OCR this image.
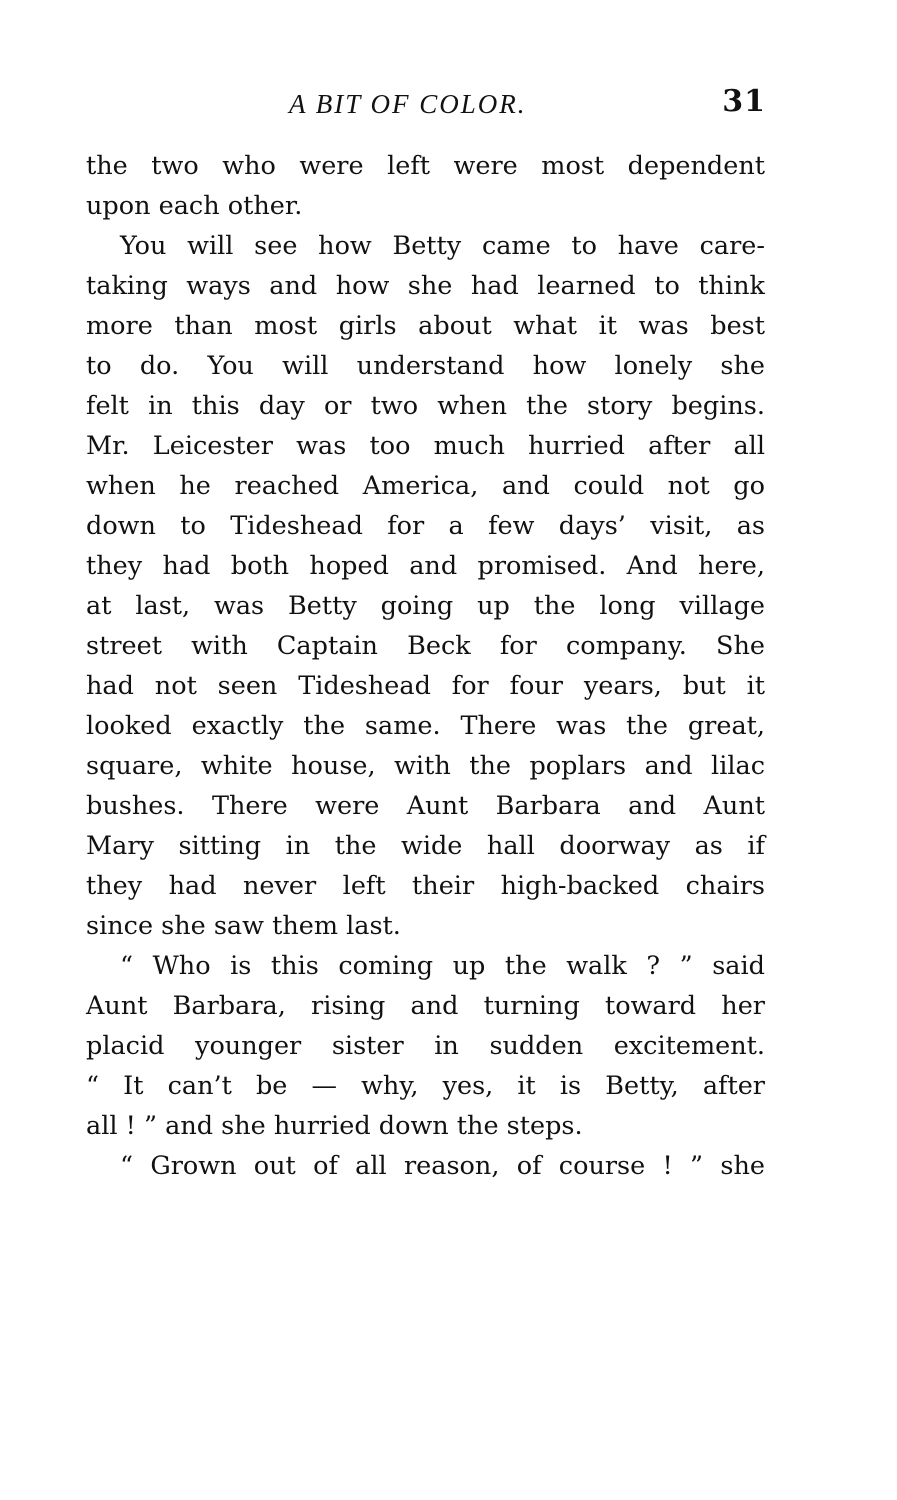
A BIT OF COLOR.	31
the two who were left were most dependent
upon each other.
You will see how Betty came to have care-
taking ways and how she had learned to think
more than most girls about what it was best
to do. You will understand how lonely she
felt in this day or two when the story begins.
Mr. Leicester was too much hurried after all
when he reached America, and could not go
down to Tideshead for a few days’ visit, as
they had both hoped and promised. And here,
at last, was Betty going up the long village
street with Captain Beck for company. She
had not seen Tideshead for four years, but it
looked exactly the same. There was the great,
square, white house, with the poplars and lilac
bushes. There were Aunt Barbara and Aunt
Mary sitting in the wide hall doorway as if
they had never left their high-backed chairs
since she saw them last.
“ Who is this coming up the walk ? ” said
Aunt Barbara, rising and turning toward her
placid younger sister in sudden excitement.
“ It can’t be — why, yes, it is Betty, after
all ! ” and she hurried down the steps.
“ Grown out of all reason, of course ! ” she
